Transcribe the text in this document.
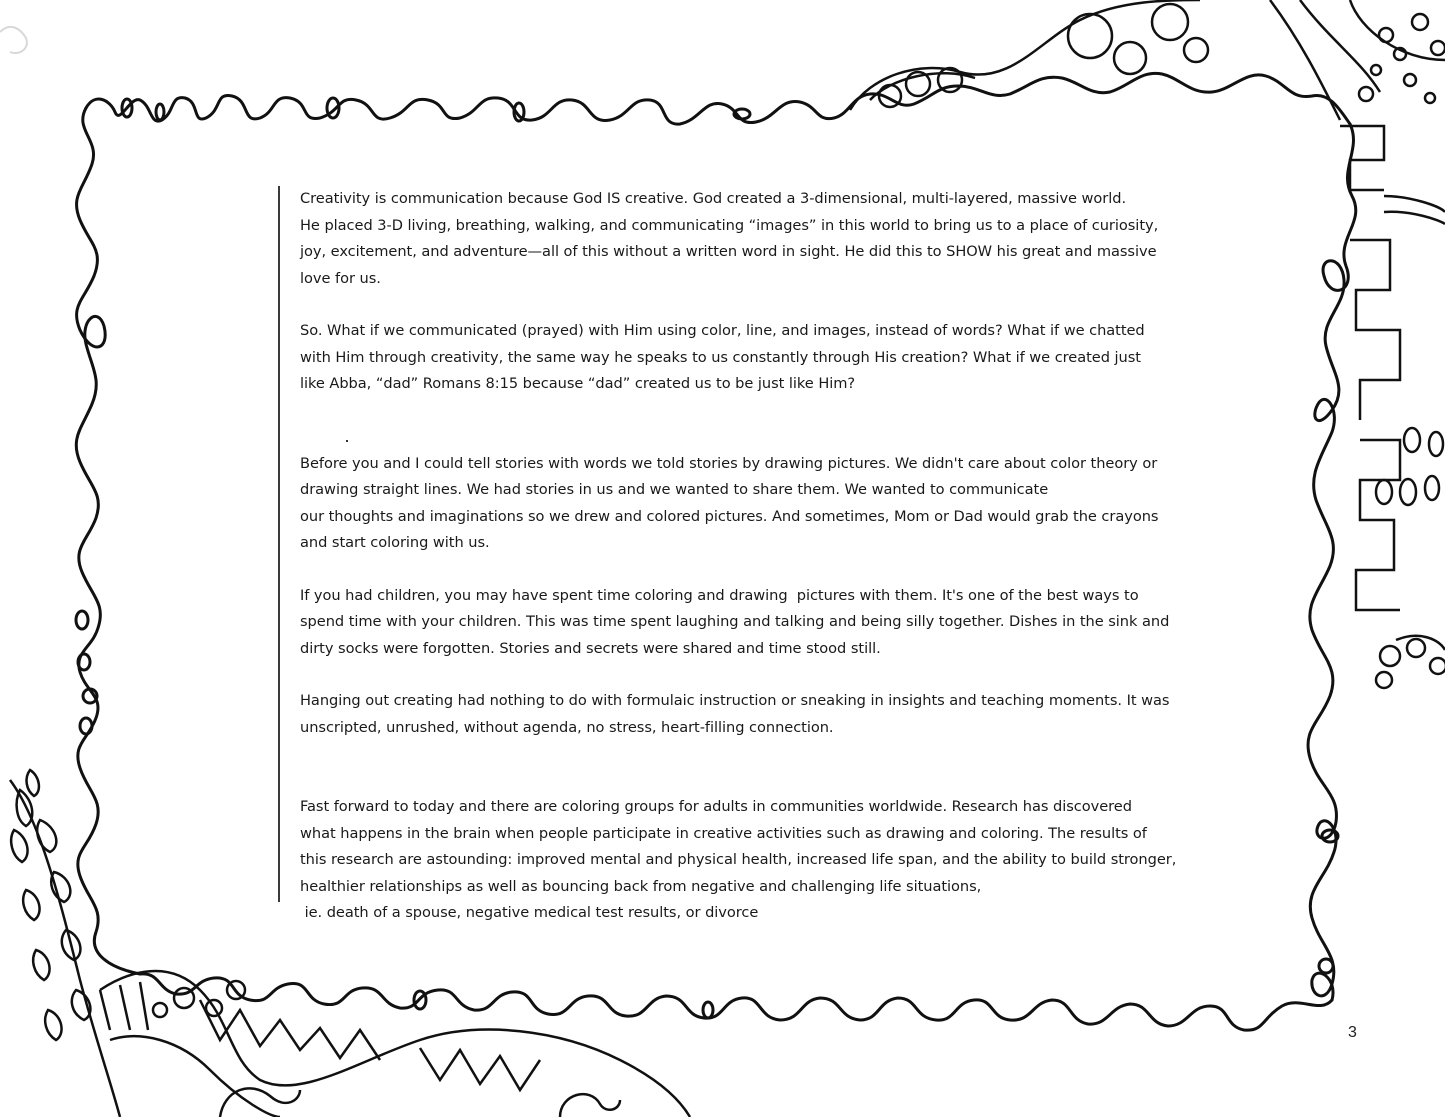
Creativity is communication because God IS creative. God created a 3-dimensional, multi-layered, massive world.
He placed 3-D living, breathing, walking, and communicating “images” in this world to bring us to a place of curiosity,
joy, excitement, and adventure—all of this without a written word in sight. He did this to SHOW his great and massive
love for us.

So. What if we communicated (prayed) with Him using color, line, and images, instead of words? What if we chatted
with Him through creativity, the same way he speaks to us constantly through His creation? What if we created just
like Abba, “dad” Romans 8:15 because “dad” created us to be just like Him?

Before you and I could tell stories with words we told stories by drawing pictures. We didn't care about color theory or
drawing straight lines. We had stories in us and we wanted to share them. We wanted to communicate
our thoughts and imaginations so we drew and colored pictures. And sometimes, Mom or Dad would grab the crayons
and start coloring with us.

If you had children, you may have spent time coloring and drawing  pictures with them. It's one of the best ways to
spend time with your children. This was time spent laughing and talking and being silly together. Dishes in the sink and
dirty socks were forgotten. Stories and secrets were shared and time stood still.

Hanging out creating had nothing to do with formulaic instruction or sneaking in insights and teaching moments. It was
unscripted, unrushed, without agenda, no stress, heart-filling connection.

Fast forward to today and there are coloring groups for adults in communities worldwide. Research has discovered
what happens in the brain when people participate in creative activities such as drawing and coloring. The results of
this research are astounding: improved mental and physical health, increased life span, and the ability to build stronger,
healthier relationships as well as bouncing back from negative and challenging life situations,
ie. death of a spouse, negative medical test results, or divorce

3
